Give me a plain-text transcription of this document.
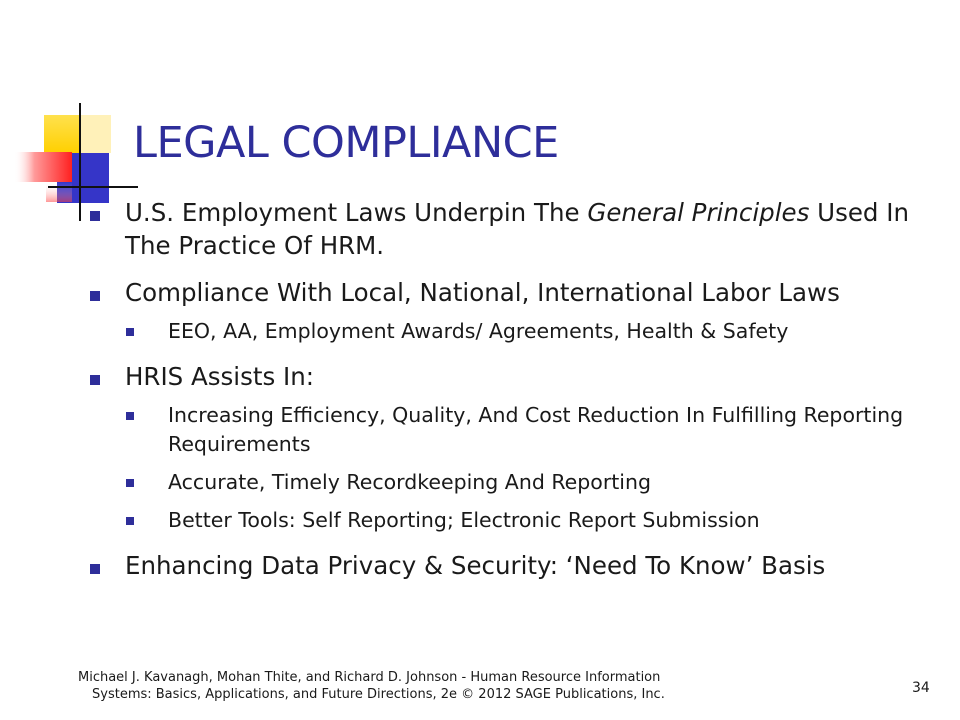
LEGAL COMPLIANCE
U.S. Employment Laws Underpin The General Principles Used In The Practice Of HRM.
Compliance With Local, National, International Labor Laws
EEO, AA, Employment Awards/ Agreements, Health & Safety
HRIS Assists In:
Increasing Efficiency, Quality, And Cost Reduction In Fulfilling Reporting Requirements
Accurate, Timely Recordkeeping And Reporting
Better Tools: Self Reporting; Electronic Report Submission
Enhancing Data Privacy & Security: ‘Need To Know’ Basis
Michael J. Kavanagh, Mohan Thite, and Richard D. Johnson - Human Resource Information
Systems: Basics, Applications, and Future Directions, 2e © 2012 SAGE Publications, Inc.	34
